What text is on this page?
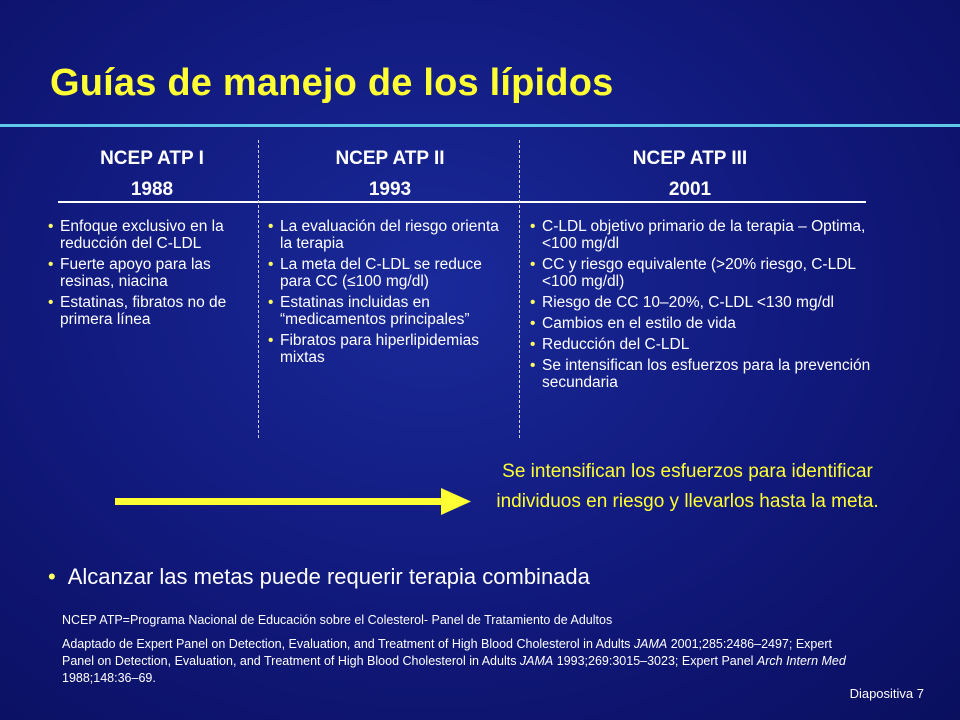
Guías de manejo de los lípidos
NCEP ATP I
1988
NCEP ATP II
1993
NCEP ATP III
2001
• Enfoque exclusivo en la reducción del C-LDL
• Fuerte apoyo para las resinas, niacina
• Estatinas, fibratos no de primera línea
• La evaluación del riesgo orienta la terapia
• La meta del C-LDL se reduce para CC (≤100 mg/dl)
• Estatinas incluidas en “medicamentos principales”
• Fibratos para hiperlipidemias mixtas
• C-LDL objetivo primario de la terapia – Optima, <100 mg/dl
• CC y riesgo equivalente (>20% riesgo, C-LDL <100 mg/dl)
• Riesgo de CC 10–20%, C-LDL <130 mg/dl
• Cambios en el estilo de vida
• Reducción del C-LDL
• Se intensifican los esfuerzos para la prevención secundaria
Se intensifican los esfuerzos para identificar individuos en riesgo y llevarlos hasta la meta.
• Alcanzar las metas puede requerir terapia combinada
NCEP ATP=Programa Nacional de Educación sobre el Colesterol- Panel de Tratamiento de Adultos
Adaptado de Expert Panel on Detection, Evaluation, and Treatment of High Blood Cholesterol in Adults JAMA 2001;285:2486–2497; Expert Panel on Detection, Evaluation, and Treatment of High Blood Cholesterol in Adults JAMA 1993;269:3015–3023; Expert Panel Arch Intern Med 1988;148:36–69.
Diapositiva 7
